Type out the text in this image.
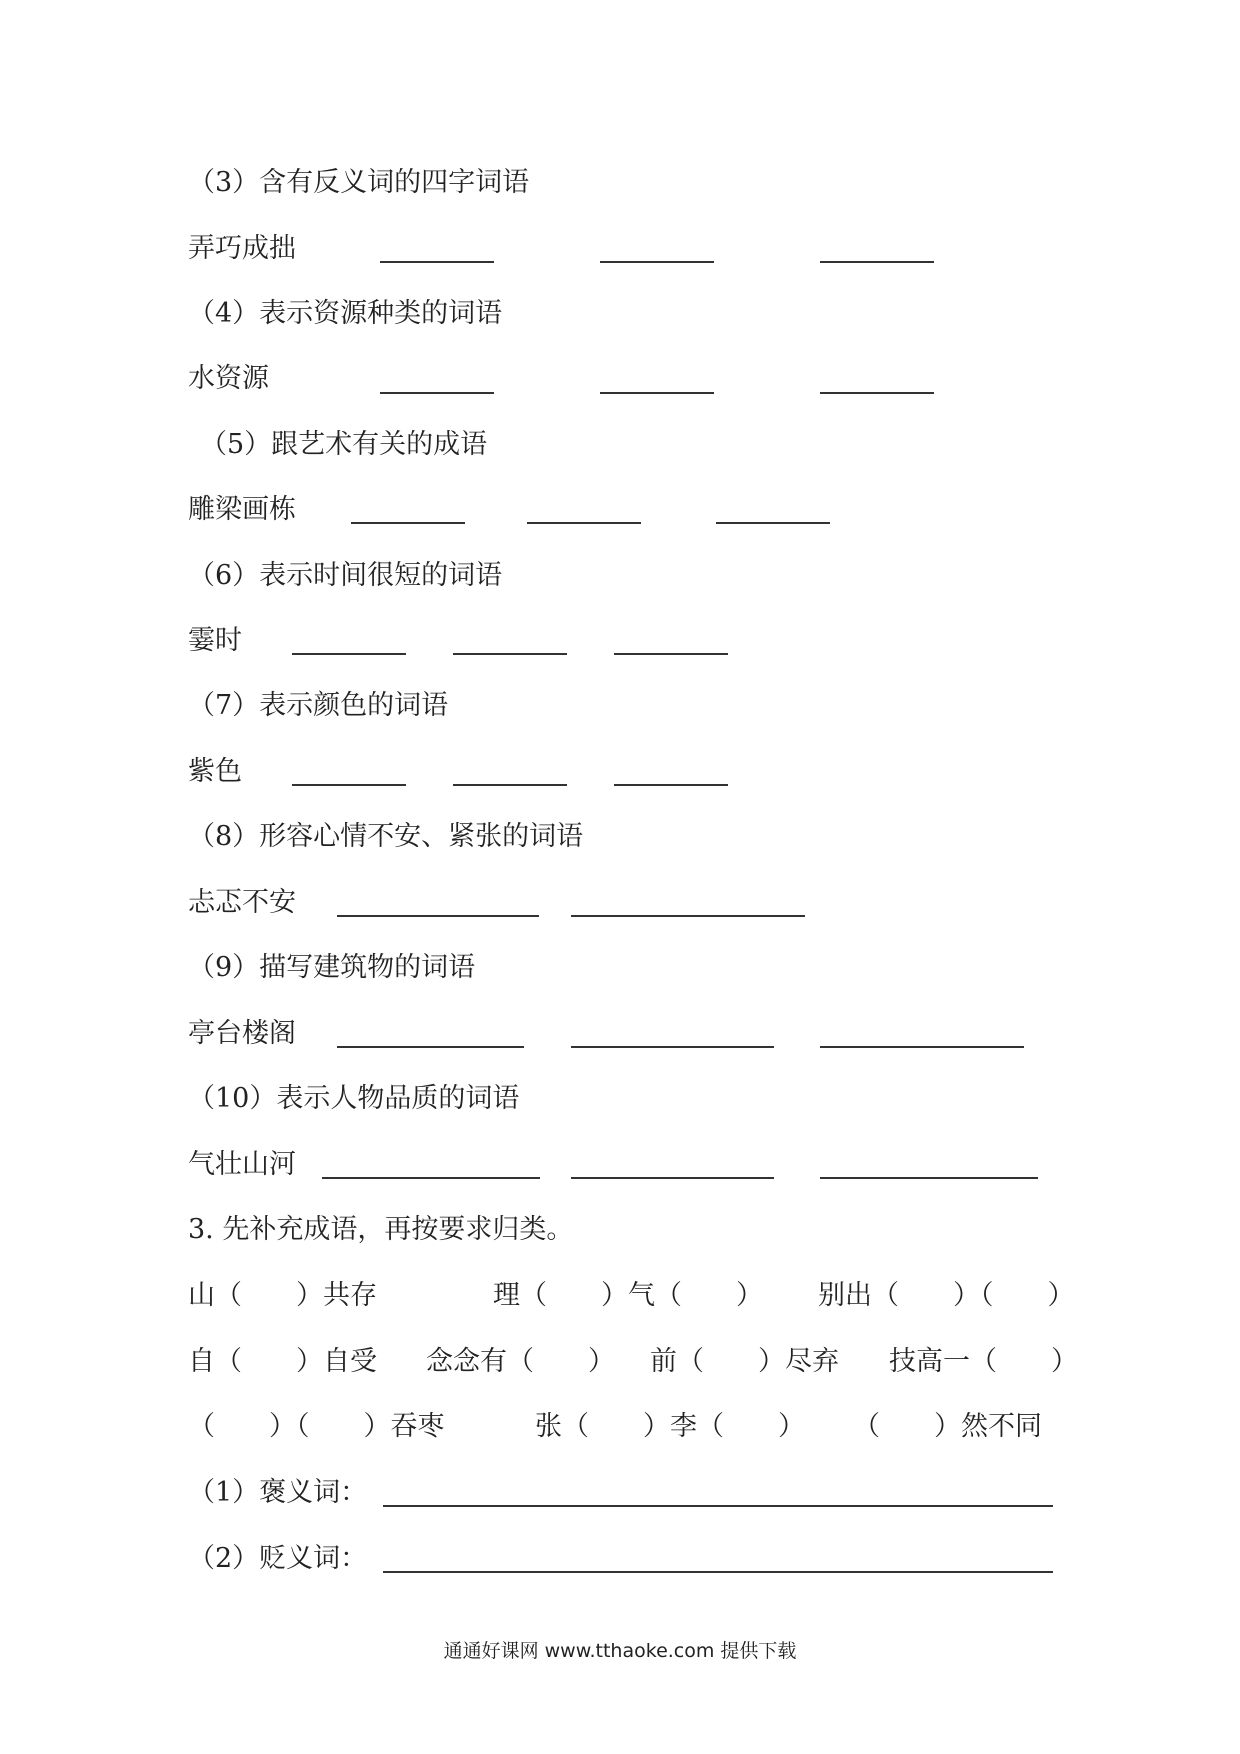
（3）含有反义词的四字词语
弄巧成拙
（4）表示资源种类的词语
水资源
（5）跟艺术有关的成语
雕梁画栋
（6）表示时间很短的词语
霎时
（7）表示颜色的词语
紫色
（8）形容心情不安、紧张的词语
忐忑不安
（9）描写建筑物的词语
亭台楼阁
（10）表示人物品质的词语
气壮山河
3. 先补充成语，再按要求归类。
山（　　）共存	理（　　）气（　　） 别出（　　）（　　）
自（　　）自受 念念有（　　） 前（　　）尽弃 技高一（　　）
（　　）（　　）吞枣	张（　　）李（　　） （　　）然不同
（1）褒义词：
（2）贬义词：
通通好课网 www.tthaoke.com 提供下载
